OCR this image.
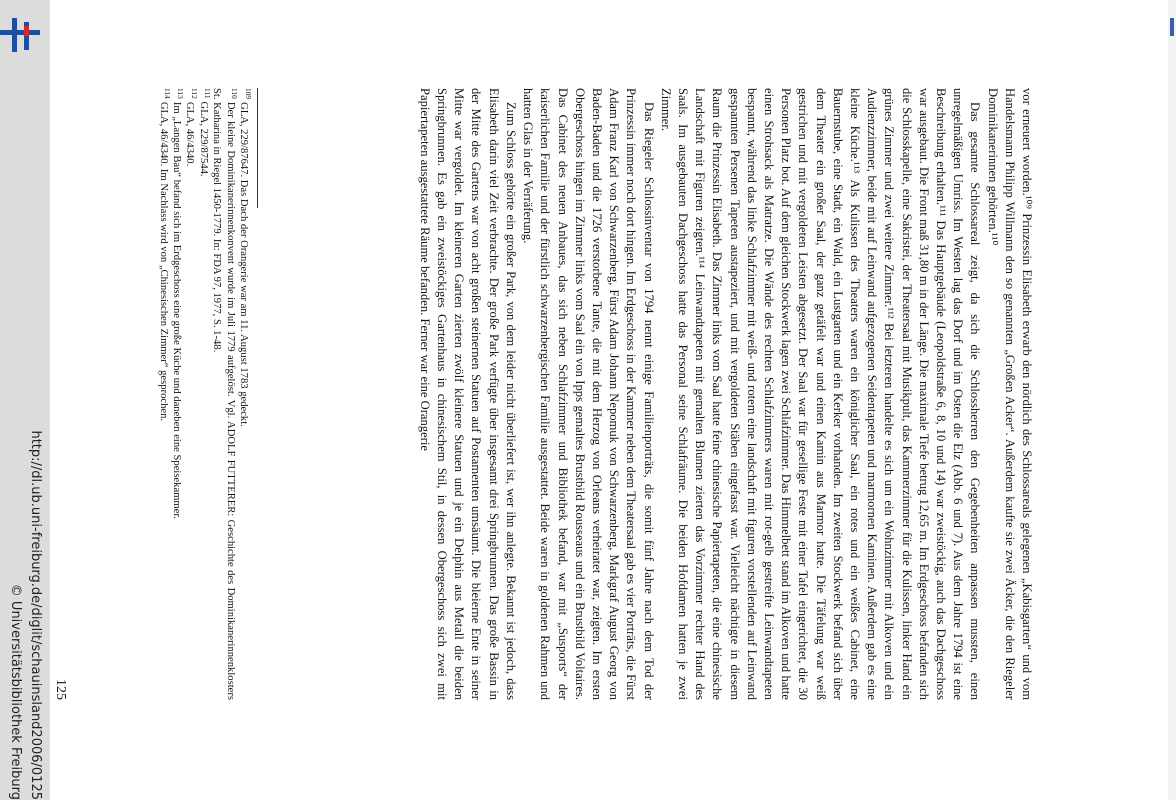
vor erneuert worden.¹⁰⁹ Prinzessin Elisabeth erwarb den nördlich des Schlossareals gelegenen „Kabisgarten“ und vom Handelsmann Philipp Willmann den so genannten „Großen Acker“. Außerdem kaufte sie zwei Äcker, die den Riegeler Dominikanerinnen gehörten.¹¹⁰

Das gesamte Schlossareal zeigt, da sich die Schlossherren den Gegebenheiten anpassen mussten, einen unregelmäßigen Umriss. Im Westen lag das Dorf und im Osten die Elz (Abb. 6 und 7). Aus dem Jahre 1794 ist eine Beschreibung erhalten.¹¹¹ Das Hauptgebäude (Leopoldstraße 6, 8, 10 und 14) war zweistöckig, auch das Dachgeschoss war ausgebaut. Die Front maß 31,80 m in der Länge. Die maximale Tiefe betrug 12,65 m. Im Erdgeschoss befanden sich die Schlosskapelle, eine Sakristei, der Theatersaal mit Musikpult, das Kammerzimmer für die Kulissen, linker Hand ein grünes Zimmer und zwei weitere Zimmer.¹¹² Bei letzteren handelte es sich um ein Wohnzimmer mit Alkoven und ein Audienzzimmer, beide mit auf Leinwand aufgezogenen Seidentapeten und marmornen Kaminen. Außerdem gab es eine kleine Küche.¹¹³ Als Kulissen des Theaters waren ein königlicher Saal, ein rotes und ein weißes Cabinet, eine Bauernstube, eine Stadt, ein Wald, ein Lustgarten und ein Kerker vorhanden. Im zweiten Stockwerk befand sich über dem Theater ein großer Saal, der ganz getäfelt war und einen Kamin aus Marmor hatte. Die Täfelung war weiß gestrichen und mit vergoldeten Leisten abgesetzt. Der Saal war für gesellige Feste mit einer Tafel eingerichtet, die 30 Personen Platz bot. Auf dem gleichen Stockwerk lagen zwei Schlafzimmer. Das Himmelbett stand im Alkoven und hatte einen Strohsack als Matratze. Die Wände des rechten Schlafzimmers waren mit rot-gelb gestreifte Leinwandtapeten bespannt, während das linke Schlafzimmer mit weiß- und rotem eine landschaft mit figuren vorstellenden auf Leinwand gespannten Persenen Tapeten austapeziert, und mit vergoldeten Stäben eingefasst war. Vielleicht nächtigte in diesem Raum die Prinzessin Elisabeth. Das Zimmer links vom Saal hatte feine chinesische Papiertapeten, die eine chinesische Landschaft mit Figuren zeigten.¹¹⁴ Leinwandtapeten mit gemalten Blumen zierten das Vorzimmer rechter Hand des Saals. Im ausgebauten Dachgeschoss hatte das Personal seine Schlafräume. Die beiden Hofdamen hatten je zwei Zimmer.

Das Riegeler Schlossinventar von 1794 nennt einige Familienporträts, die somit fünf Jahre nach dem Tod der Prinzessin immer noch dort hingen. Im Erdgeschoss in der Kammer neben dem Theatersaal gab es vier Porträts, die Fürst Adam Franz Karl von Schwarzenberg, Fürst Adam Johann Nepomuk von Schwarzenberg, Markgraf August Georg von Baden-Baden und die 1726 verstorbene Tante, die mit dem Herzog von Orleans verheiratet war, zeigten. Im ersten Obergeschoss hingen im Zimmer links vom Saal ein von Ipps gemaltes Brustbild Rousseaus und ein Brustbild Voltaires. Das Cabinet des neuen Anbaues, das sich neben Schlafzimmer und Bibliothek befand, war mit „Susports“ der kaiserlichen Familie und der fürstlich schwarzenbergischen Familie ausgestattet. Beide waren in goldenen Rahmen und hatten Glas in der Verräferung.

Zum Schloss gehörte ein großer Park, von dem leider nicht überliefert ist, wer ihn anlegte. Bekannt ist jedoch, dass Elisabeth darin viel Zeit verbrachte. Der große Park verfügte über insgesamt drei Springbrunnen. Das große Bassin in der Mitte des Gartens war von acht großen steinernen Statuen auf Postamenten umsäumt. Die bleierne Ente in seiner Mitte war vergoldet. Im kleineren Garten zierten zwölf kleinere Statuen und je ein Delphin aus Metall die beiden Springbrunnen. Es gab ein zweistöckiges Gartenhaus in chinesischem Stil, in dessen Obergeschoss sich zwei mit Papiertapeten ausgestattete Räume befanden. Ferner war eine Orangerie

$^{109}$GLA, 229/87647. Das Dach der Orangerie war am 11. August 1783 gedeckt.
$^{110}$Der kleine Dominikanerinnenkonvent wurde im Juli 1779 aufgelöst. Vgl. ADOLF FUTTERER: Geschichte des Dominikanerinnenklosters St. Katharina in Riegel 1450-1779. In: FDA 97, 1977, S. 1-48.
$^{111}$GLA, 229/87544.
$^{112}$GLA, 46/4340.
$^{113}$Im „Langen Bau“ befand sich im Erdgeschoss eine große Küche und daneben eine Speisekammer.
$^{114}$GLA, 46/4340. Im Nachlass wird von „Chinesischen Zimmer“ gesprochen.
125
http://dl.ub.uni-freiburg.de/diglit/schauinsland2006/0125
© Universitätsbibliothek Freiburg
